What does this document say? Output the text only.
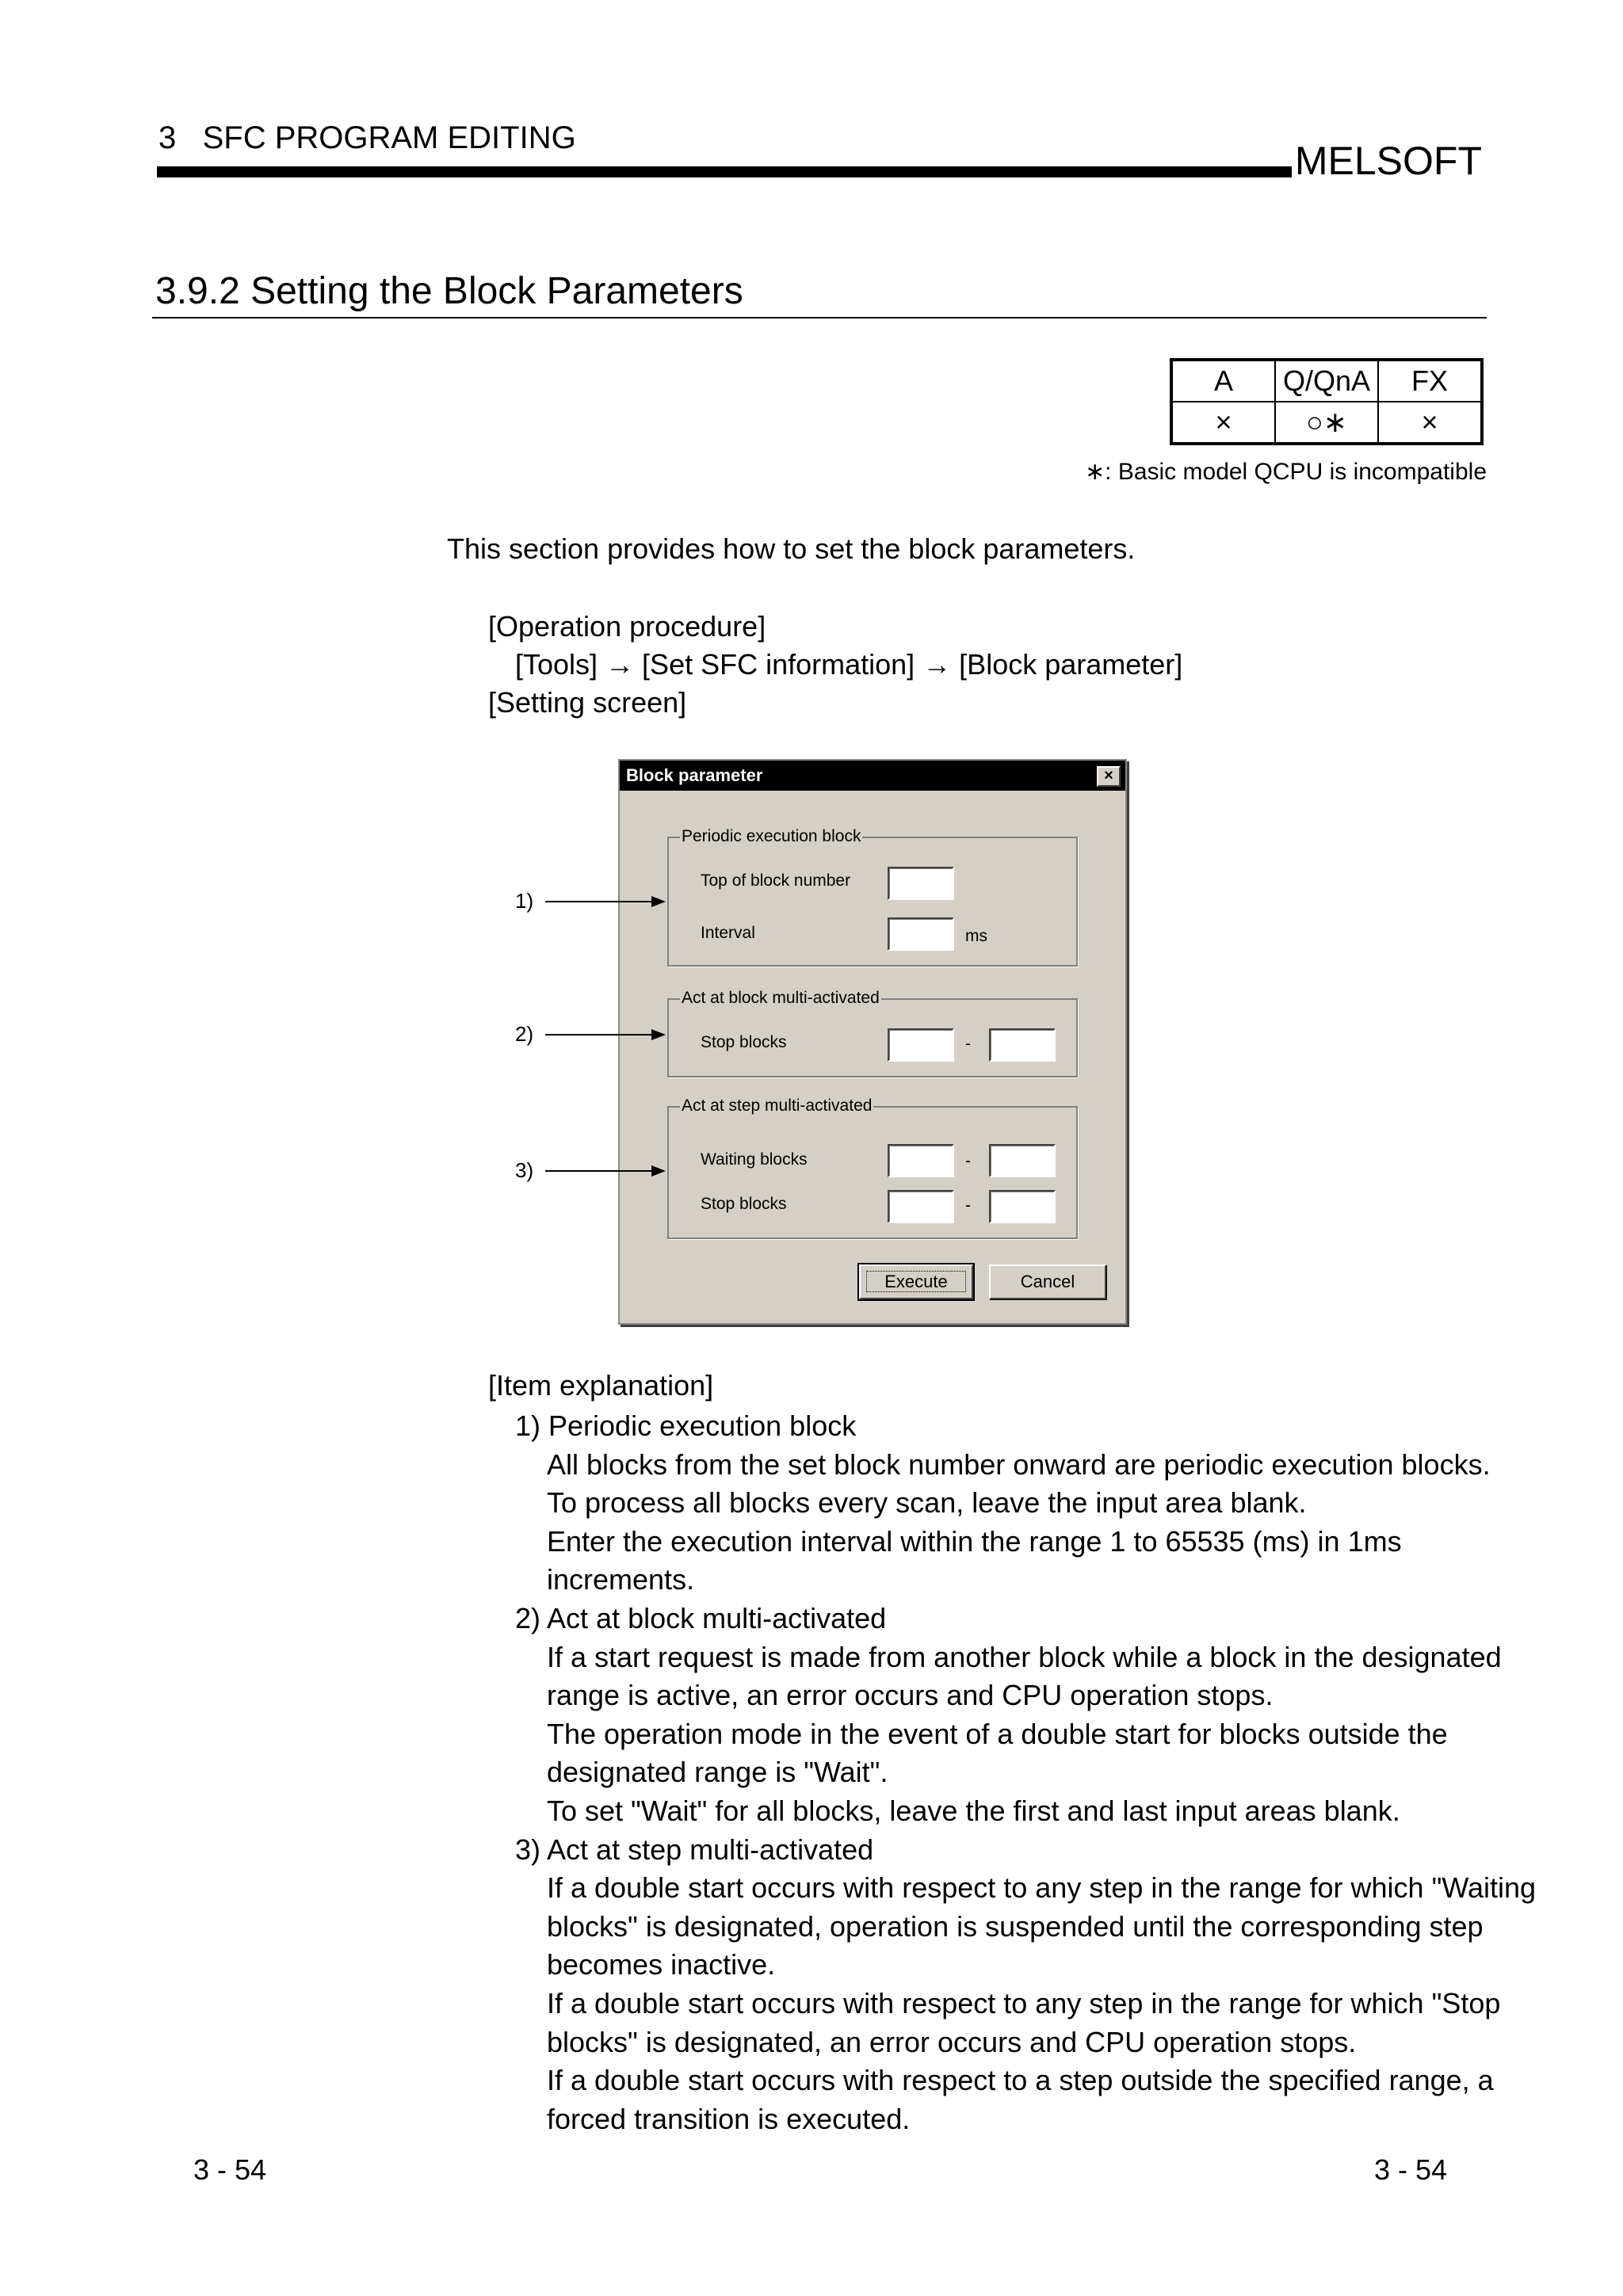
3   SFC PROGRAM EDITING
MELSOFT
3.9.2 Setting the Block Parameters
A	Q/QnA	FX
×	○∗	×
∗: Basic model QCPU is incompatible
This section provides how to set the block parameters.
[Operation procedure]
[Tools] → [Set SFC information] → [Block parameter]
[Setting screen]
Block parameter	×
Periodic execution block
Top of block number
Interval	ms
Act at block multi-activated
Stop blocks	-
Act at step multi-activated
Waiting blocks	-
Stop blocks	-
Execute	Cancel
1)
2)
3)
[Item explanation]
1) Periodic execution block
All blocks from the set block number onward are periodic execution blocks.
To process all blocks every scan, leave the input area blank.
Enter the execution interval within the range 1 to 65535 (ms) in 1ms
increments.
2) Act at block multi-activated
If a start request is made from another block while a block in the designated
range is active, an error occurs and CPU operation stops.
The operation mode in the event of a double start for blocks outside the
designated range is "Wait".
To set "Wait" for all blocks, leave the first and last input areas blank.
3) Act at step multi-activated
If a double start occurs with respect to any step in the range for which "Waiting
blocks" is designated, operation is suspended until the corresponding step
becomes inactive.
If a double start occurs with respect to any step in the range for which "Stop
blocks" is designated, an error occurs and CPU operation stops.
If a double start occurs with respect to a step outside the specified range, a
forced transition is executed.
3 - 54	3 - 54
